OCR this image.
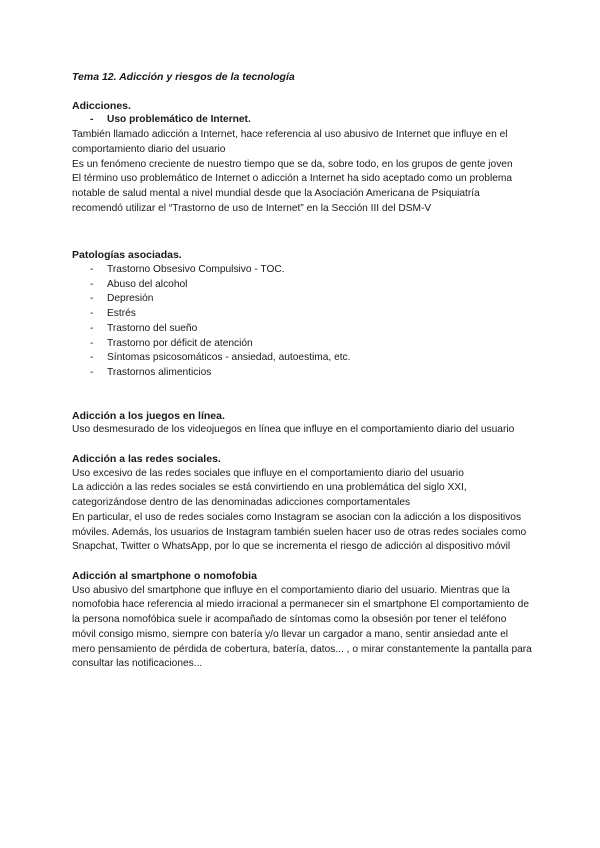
Tema 12. Adicción y riesgos de la tecnología

Adicciones.

-	Uso problemático de Internet.

También llamado adicción a Internet, hace referencia al uso abusivo de Internet que influye en el comportamiento diario del usuario

Es un fenómeno creciente de nuestro tiempo que se da, sobre todo, en los grupos de gente joven

El término uso problemático de Internet o adicción a Internet ha sido aceptado como un problema notable de salud mental a nivel mundial desde que la Asociación Americana de Psiquiatría recomendó utilizar el “Trastorno de uso de Internet” en la Sección III del DSM-V

Patologías asociadas.

-	Trastorno Obsesivo Compulsivo - TOC.
-	Abuso del alcohol
-	Depresión
-	Estrés
-	Trastorno del sueño
-	Trastorno por déficit de atención
-	Síntomas psicosomáticos - ansiedad, autoestima, etc.
-	Trastornos alimenticios

Adicción a los juegos en línea.

Uso desmesurado de los videojuegos en línea que influye en el comportamiento diario del usuario

Adicción a las redes sociales.

Uso excesivo de las redes sociales que influye en el comportamiento diario del usuario

La adicción a las redes sociales se está convirtiendo en una problemática del siglo XXI, categorizándose dentro de las denominadas adicciones comportamentales

En particular, el uso de redes sociales como Instagram se asocian con la adicción a los dispositivos móviles. Además, los usuarios de Instagram también suelen hacer uso de otras redes sociales como Snapchat, Twitter o WhatsApp, por lo que se incrementa el riesgo de adicción al dispositivo móvil

Adicción al smartphone o nomofobia

Uso abusivo del smartphone que influye en el comportamiento diario del usuario. Mientras que la nomofobia hace referencia al miedo irracional a permanecer sin el smartphone El comportamiento de la persona nomofóbica suele ir acompañado de síntomas como la obsesión por tener el teléfono móvil consigo mismo, siempre con batería y/o llevar un cargador a mano, sentir ansiedad ante el mero pensamiento de pérdida de cobertura, batería, datos... , o mirar constantemente la pantalla para consultar las notificaciones...
